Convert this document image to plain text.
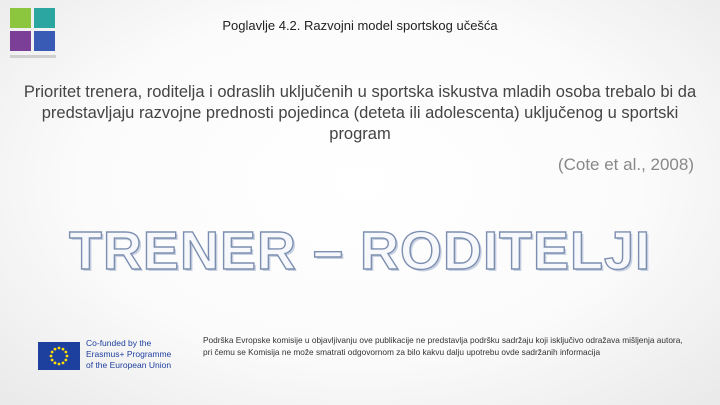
Poglavlje 4.2. Razvojni model sportskog učešća
Prioritet trenera, roditelja i odraslih uključenih u sportska iskustva mladih osoba trebalo bi da predstavljaju razvojne prednosti pojedinca (deteta ili adolescenta) uključenog u sportski program
(Cote et al., 2008)
TRENER – RODITELJI
Co-funded by the
Erasmus+ Programme
of the European Union
Podrška Evropske komisije u objavljivanju ove publikacije ne predstavlja podršku sadržaju koji isključivo odražava mišljenja autora, pri čemu se Komisija ne može smatrati odgovornom za bilo kakvu dalju upotrebu ovde sadržanih informacija
